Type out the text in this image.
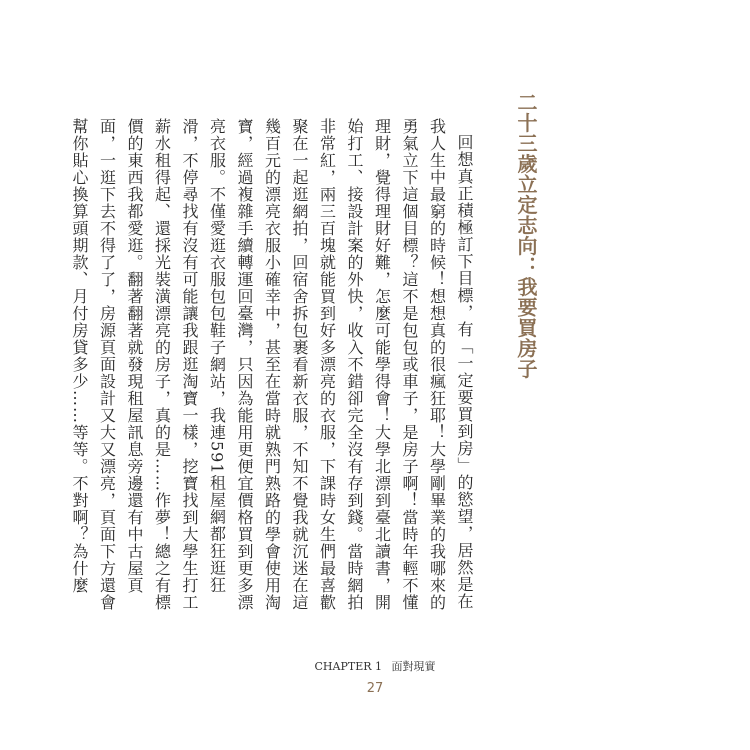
二十三歲立定志向：我要買房子

回想真正積極訂下目標，有「一定要買到房」的慾望，居然是在我人生中最窮的時候！想想真的很瘋狂耶！大學剛畢業的我哪來的勇氣立下這個目標？這不是包包或車子，是房子啊！當時年輕不懂理財，覺得理財好難，怎麼可能學得會！大學北漂到臺北讀書，開始打工、接設計案的外快，收入不錯卻完全沒有存到錢。當時網拍非常紅，兩三百塊就能買到好多漂亮的衣服，下課時女生們最喜歡聚在一起逛網拍，回宿舍拆包裹看新衣服，不知不覺我就沉迷在這幾百元的漂亮衣服小確幸中，甚至在當時就熟門熟路的學會使用淘寶，經過複雜手續轉運回臺灣，只因為能用更便宜價格買到更多漂亮衣服。不僅愛逛衣服包包鞋子網站，我連591租屋網都狂逛狂滑，不停尋找有沒有可能讓我跟逛淘寶一樣，挖寶找到大學生打工薪水租得起、還採光裝潢漂亮的房子，真的是……作夢！總之有標價的東西我都愛逛。翻著翻著就發現租屋訊息旁邊還有中古屋頁面，一逛下去不得了了，房源頁面設計又大又漂亮，頁面下方還會幫你貼心換算頭期款、月付房貸多少……等等。不對啊？為什麼

CHAPTER 1 面對現實
27
